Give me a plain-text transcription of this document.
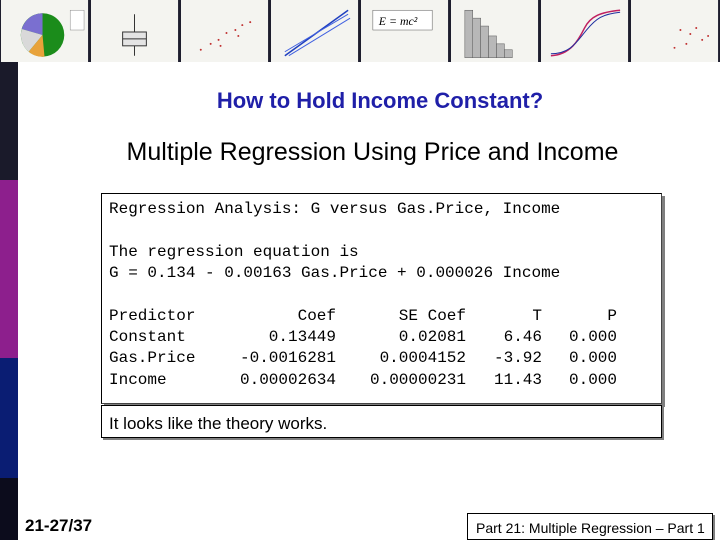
E = mc²
How to Hold Income Constant?
Multiple Regression Using Price and Income
Regression Analysis: G versus Gas.Price, Income
The regression equation is
G = 0.134 - 0.00163 Gas.Price + 0.000026 Income
Predictor	Coef	SE Coef	T	P
Constant	0.13449	0.02081	6.46	0.000
Gas.Price	-0.0016281	0.0004152	-3.92	0.000
Income	0.00002634	0.00000231	11.43	0.000
It looks like the theory works.
21-27/37	Part 21: Multiple Regression – Part 1
